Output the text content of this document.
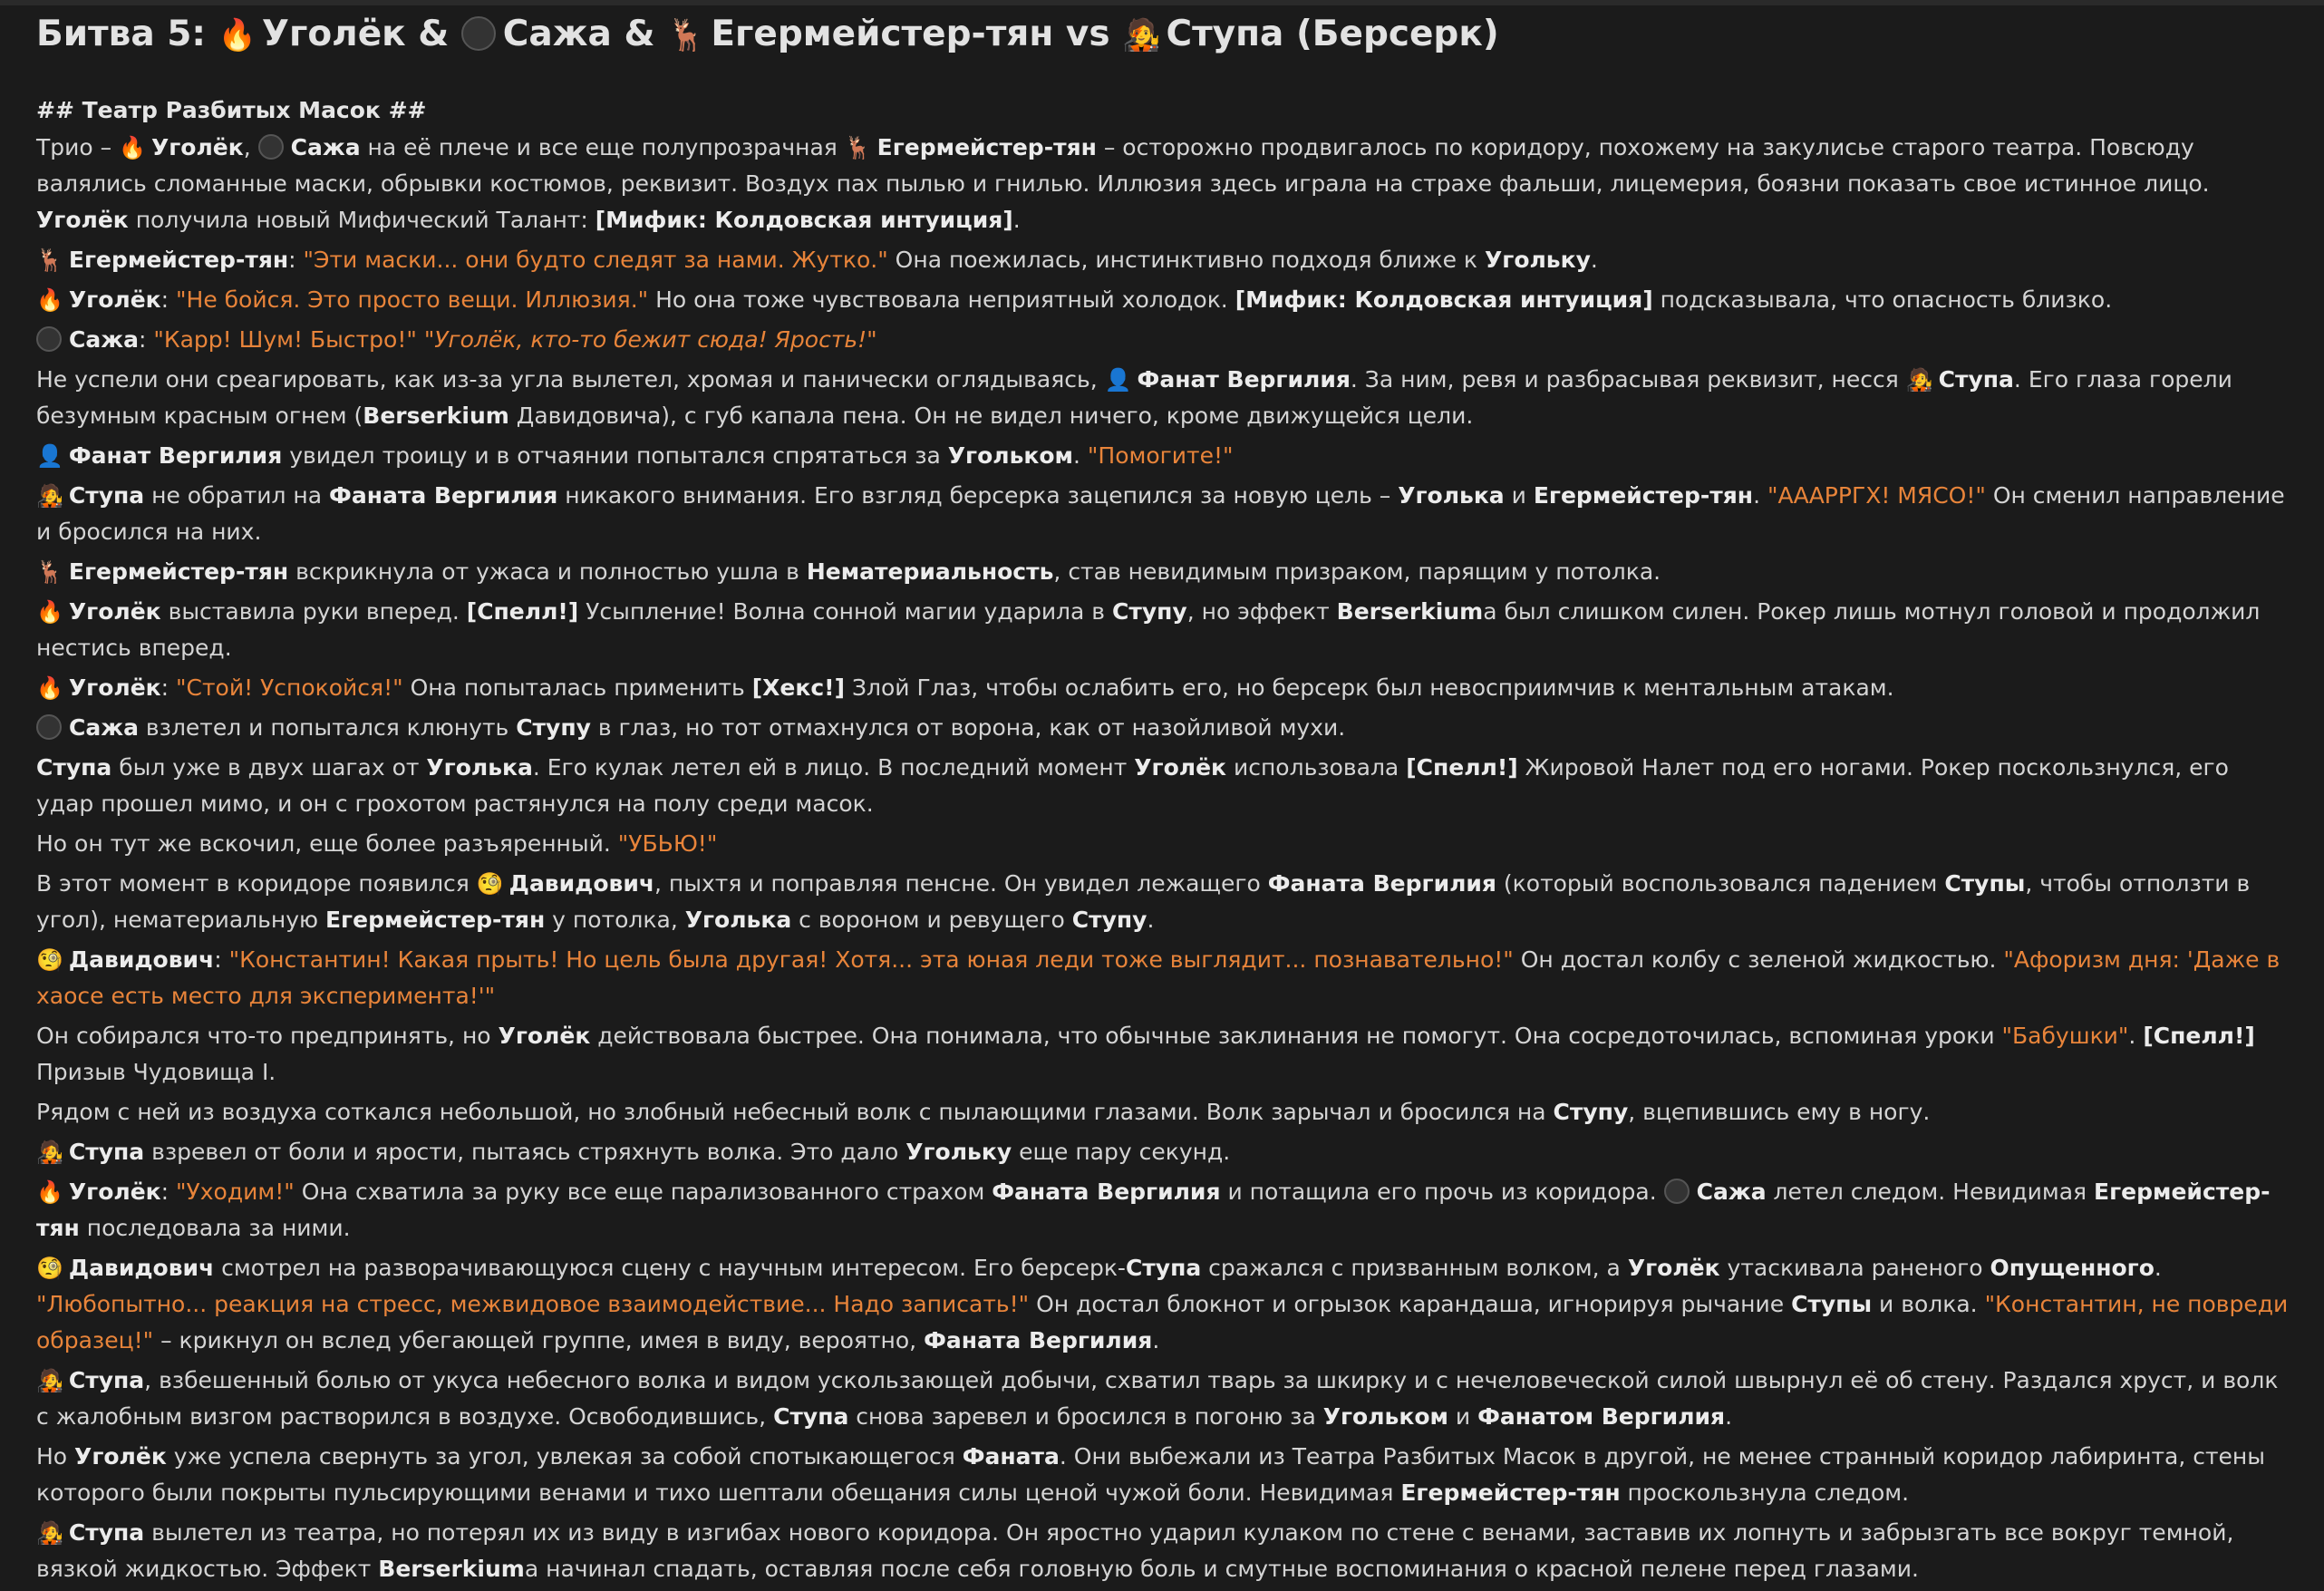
Битва 5: 🔥 Уголёк & Сажа & 🦌 Егермейстер-тян vs 🧑‍🎤 Ступа (Берсерк)
## Театр Разбитых Масок ##
Трио – 🔥 Уголёк, Сажа на её плече и все еще полупрозрачная 🦌 Егермейстер-тян – осторожно продвигалось по коридору, похожему на закулисье старого театра. Повсюду валялись сломанные маски, обрывки костюмов, реквизит. Воздух пах пылью и гнилью. Иллюзия здесь играла на страхе фальши, лицемерия, боязни показать свое истинное лицо. Уголёк получила новый Мифический Талант: [Мифик: Колдовская интуиция].
🦌 Егермейстер-тян: "Эти маски... они будто следят за нами. Жутко." Она поежилась, инстинктивно подходя ближе к Угольку.
🔥 Уголёк: "Не бойся. Это просто вещи. Иллюзия." Но она тоже чувствовала неприятный холодок. [Мифик: Колдовская интуиция] подсказывала, что опасность близко.
Сажа: "Карр! Шум! Быстро!" "Уголёк, кто-то бежит сюда! Ярость!"
Не успели они среагировать, как из-за угла вылетел, хромая и панически оглядываясь, 👤 Фанат Вергилия. За ним, ревя и разбрасывая реквизит, несся 🧑‍🎤 Ступа. Его глаза горели безумным красным огнем (Berserkium Давидовича), с губ капала пена. Он не видел ничего, кроме движущейся цели.
👤 Фанат Вергилия увидел троицу и в отчаянии попытался спрятаться за Угольком. "Помогите!"
🧑‍🎤 Ступа не обратил на Фаната Вергилия никакого внимания. Его взгляд берсерка зацепился за новую цель – Уголька и Егермейстер-тян. "АААРРГХ! МЯСО!" Он сменил направление и бросился на них.
🦌 Егермейстер-тян вскрикнула от ужаса и полностью ушла в Нематериальность, став невидимым призраком, парящим у потолка.
🔥 Уголёк выставила руки вперед. [Спелл!] Усыпление! Волна сонной магии ударила в Ступу, но эффект Berserkiumа был слишком силен. Рокер лишь мотнул головой и продолжил нестись вперед.
🔥 Уголёк: "Стой! Успокойся!" Она попыталась применить [Хекс!] Злой Глаз, чтобы ослабить его, но берсерк был невосприимчив к ментальным атакам.
Сажа взлетел и попытался клюнуть Ступу в глаз, но тот отмахнулся от ворона, как от назойливой мухи.
Ступа был уже в двух шагах от Уголька. Его кулак летел ей в лицо. В последний момент Уголёк использовала [Спелл!] Жировой Налет под его ногами. Рокер поскользнулся, его удар прошел мимо, и он с грохотом растянулся на полу среди масок.
Но он тут же вскочил, еще более разъяренный. "УБЬЮ!"
В этот момент в коридоре появился 🧐 Давидович, пыхтя и поправляя пенсне. Он увидел лежащего Фаната Вергилия (который воспользовался падением Ступы, чтобы отползти в угол), нематериальную Егермейстер-тян у потолка, Уголька с вороном и ревущего Ступу.
🧐 Давидович: "Константин! Какая прыть! Но цель была другая! Хотя... эта юная леди тоже выглядит... познавательно!" Он достал колбу с зеленой жидкостью. "Афоризм дня: 'Даже в хаосе есть место для эксперимента!'"
Он собирался что-то предпринять, но Уголёк действовала быстрее. Она понимала, что обычные заклинания не помогут. Она сосредоточилась, вспоминая уроки "Бабушки". [Спелл!] Призыв Чудовища I.
Рядом с ней из воздуха соткался небольшой, но злобный небесный волк с пылающими глазами. Волк зарычал и бросился на Ступу, вцепившись ему в ногу.
🧑‍🎤 Ступа взревел от боли и ярости, пытаясь стряхнуть волка. Это дало Угольку еще пару секунд.
🔥 Уголёк: "Уходим!" Она схватила за руку все еще парализованного страхом Фаната Вергилия и потащила его прочь из коридора. Сажа летел следом. Невидимая Егермейстер-тян последовала за ними.
🧐 Давидович смотрел на разворачивающуюся сцену с научным интересом. Его берсерк-Ступа сражался с призванным волком, а Уголёк утаскивала раненого Опущенного. "Любопытно... реакция на стресс, межвидовое взаимодействие... Надо записать!" Он достал блокнот и огрызок карандаша, игнорируя рычание Ступы и волка. "Константин, не повреди образец!" – крикнул он вслед убегающей группе, имея в виду, вероятно, Фаната Вергилия.
🧑‍🎤 Ступа, взбешенный болью от укуса небесного волка и видом ускользающей добычи, схватил тварь за шкирку и с нечеловеческой силой швырнул её об стену. Раздался хруст, и волк с жалобным визгом растворился в воздухе. Освободившись, Ступа снова заревел и бросился в погоню за Угольком и Фанатом Вергилия.
Но Уголёк уже успела свернуть за угол, увлекая за собой спотыкающегося Фаната. Они выбежали из Театра Разбитых Масок в другой, не менее странный коридор лабиринта, стены которого были покрыты пульсирующими венами и тихо шептали обещания силы ценой чужой боли. Невидимая Егермейстер-тян проскользнула следом.
🧑‍🎤 Ступа вылетел из театра, но потерял их из виду в изгибах нового коридора. Он яростно ударил кулаком по стене с венами, заставив их лопнуть и забрызгать все вокруг темной, вязкой жидкостью. Эффект Berserkiumа начинал спадать, оставляя после себя головную боль и смутные воспоминания о красной пелене перед глазами.
